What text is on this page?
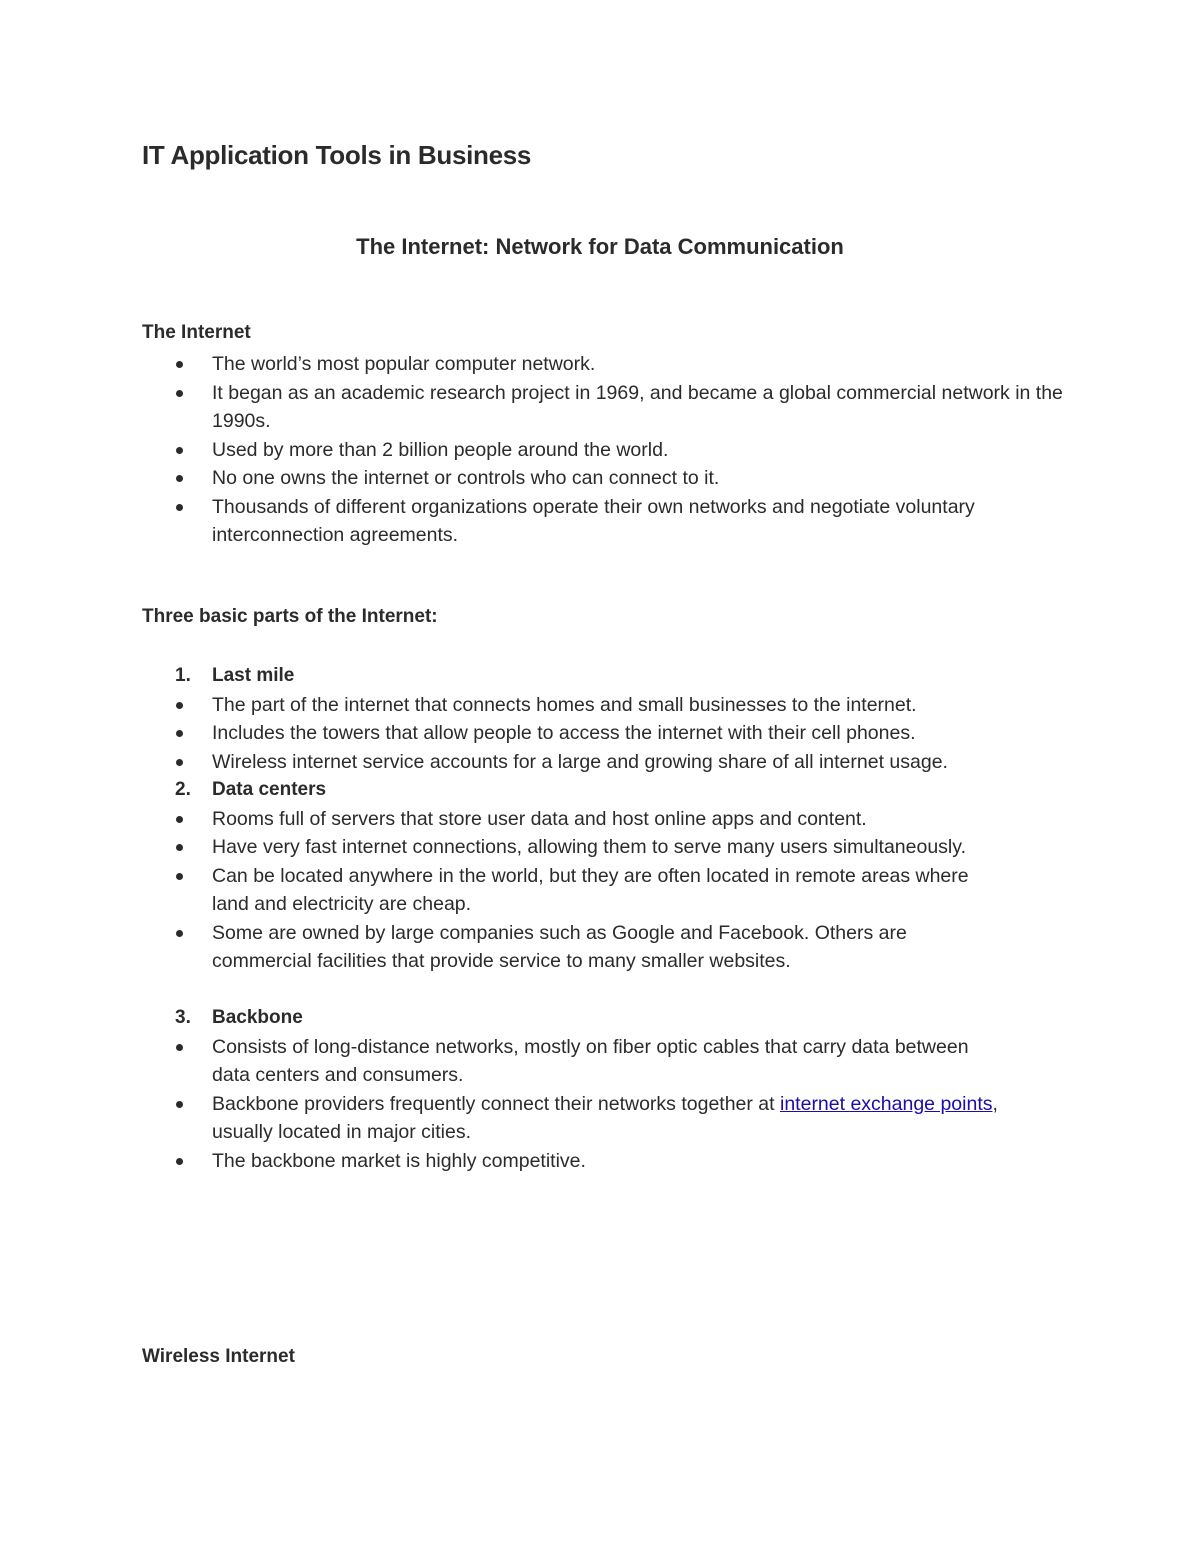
IT Application Tools in Business
The Internet: Network for Data Communication
The Internet
The world’s most popular computer network.
It began as an academic research project in 1969, and became a global commercial network in the 1990s.
Used by more than 2 billion people around the world.
No one owns the internet or controls who can connect to it.
Thousands of different organizations operate their own networks and negotiate voluntary interconnection agreements.
Three basic parts of the Internet:
1. Last mile
The part of the internet that connects homes and small businesses to the internet.
Includes the towers that allow people to access the internet with their cell phones.
Wireless internet service accounts for a large and growing share of all internet usage.
2. Data centers
Rooms full of servers that store user data and host online apps and content.
Have very fast internet connections, allowing them to serve many users simultaneously.
Can be located anywhere in the world, but they are often located in remote areas where land and electricity are cheap.
Some are owned by large companies such as Google and Facebook. Others are commercial facilities that provide service to many smaller websites.
3. Backbone
Consists of long-distance networks, mostly on fiber optic cables that carry data between data centers and consumers.
Backbone providers frequently connect their networks together at internet exchange points, usually located in major cities.
The backbone market is highly competitive.
Wireless Internet
